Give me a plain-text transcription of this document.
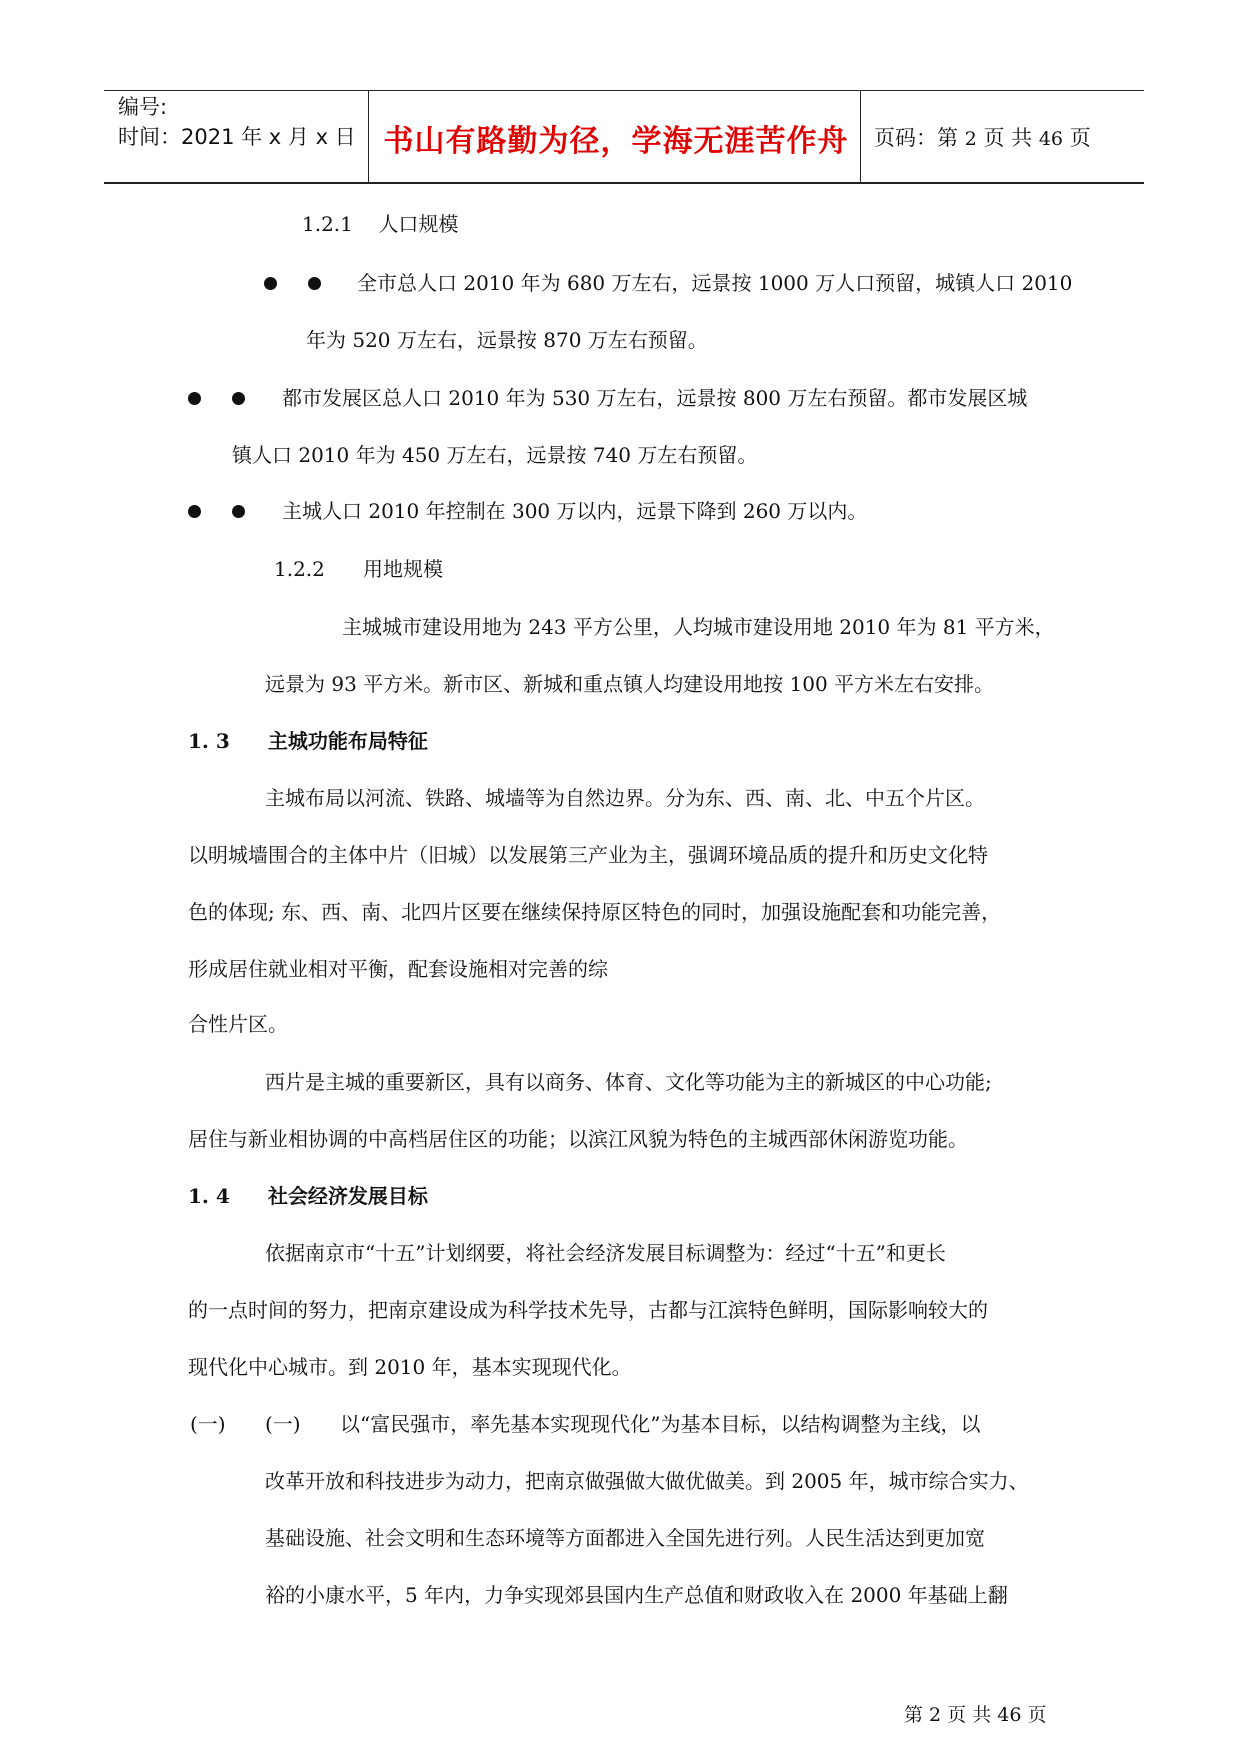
编号:
时间：2021 年 x 月 x 日 书山有路勤为径，学海无涯苦作舟	页码：第 2 页 共 46 页
1.2.1 人口规模
全市总人口 2010 年为 680 万左右，远景按 1000 万人口预留，城镇人口 2010
年为 520 万左右，远景按 870 万左右预留。
都市发展区总人口 2010 年为 530 万左右，远景按 800 万左右预留。都市发展区城
镇人口 2010 年为 450 万左右，远景按 740 万左右预留。
主城人口 2010 年控制在 300 万以内，远景下降到 260 万以内。
1.2.2 用地规模
主城城市建设用地为 243 平方公里，人均城市建设用地 2010 年为 81 平方米，
远景为 93 平方米。新市区、新城和重点镇人均建设用地按 100 平方米左右安排。
1. 3 主城功能布局特征
主城布局以河流、铁路、城墙等为自然边界。分为东、西、南、北、中五个片区。
以明城墙围合的主体中片（旧城）以发展第三产业为主，强调环境品质的提升和历史文化特
色的体现; 东、西、南、北四片区要在继续保持原区特色的同时，加强设施配套和功能完善，
形成居住就业相对平衡，配套设施相对完善的综
合性片区。
西片是主城的重要新区，具有以商务、体育、文化等功能为主的新城区的中心功能;
居住与新业相协调的中高档居住区的功能；以滨江风貌为特色的主城西部休闲游览功能。
1. 4 社会经济发展目标
依据南京市“十五”计划纲要，将社会经济发展目标调整为：经过“十五”和更长
的一点时间的努力，把南京建设成为科学技术先导，古都与江滨特色鲜明，国际影响较大的
现代化中心城市。到 2010 年，基本实现现代化。
(一) (一) 以“富民强市，率先基本实现现代化”为基本目标，以结构调整为主线，以
改革开放和科技进步为动力，把南京做强做大做优做美。到 2005 年，城市综合实力、
基础设施、社会文明和生态环境等方面都进入全国先进行列。人民生活达到更加宽
裕的小康水平，5 年内，力争实现郊县国内生产总值和财政收入在 2000 年基础上翻
第 2 页 共 46 页
